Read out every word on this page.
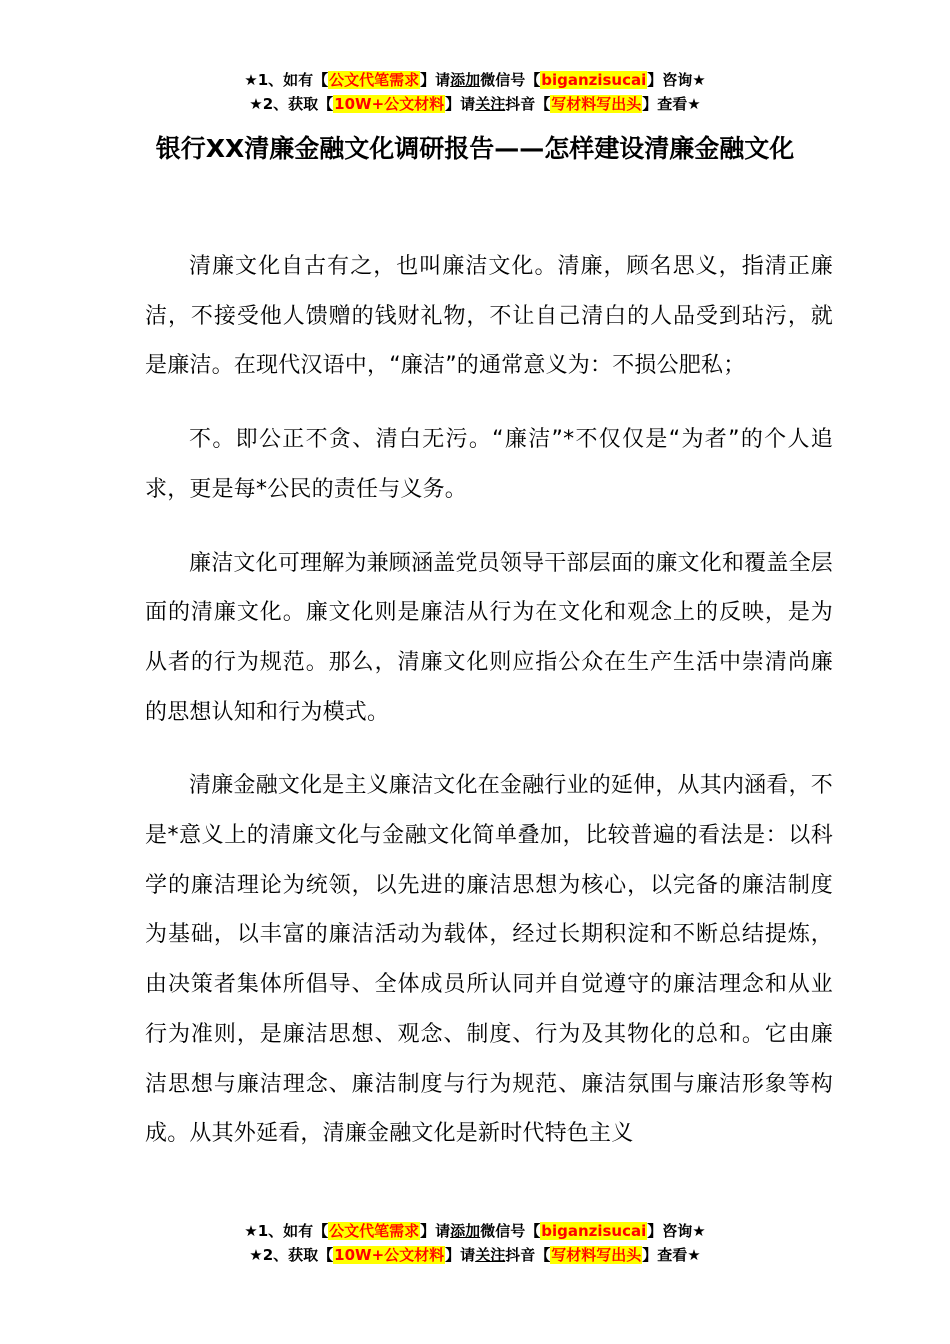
★1、如有【公文代笔需求】请添加微信号【biganzisucai】咨询★
★2、获取【10W+公文材料】请关注抖音【写材料写出头】查看★
银行XX清廉金融文化调研报告——怎样建设清廉金融文化

清廉文化自古有之，也叫廉洁文化。清廉，顾名思义，指清正廉洁，不接受他人馈赠的钱财礼物，不让自己清白的人品受到玷污，就是廉洁。在现代汉语中，“廉洁”的通常意义为：不损公肥私；

不。即公正不贪、清白无污。“廉洁”*不仅仅是“为者”的个人追求，更是每*公民的责任与义务。

廉洁文化可理解为兼顾涵盖党员领导干部层面的廉文化和覆盖全层面的清廉文化。廉文化则是廉洁从行为在文化和观念上的反映，是为从者的行为规范。那么，清廉文化则应指公众在生产生活中崇清尚廉的思想认知和行为模式。

清廉金融文化是主义廉洁文化在金融行业的延伸，从其内涵看，不是*意义上的清廉文化与金融文化简单叠加，比较普遍的看法是：以科学的廉洁理论为统领，以先进的廉洁思想为核心，以完备的廉洁制度为基础，以丰富的廉洁活动为载体，经过长期积淀和不断总结提炼，由决策者集体所倡导、全体成员所认同并自觉遵守的廉洁理念和从业行为准则，是廉洁思想、观念、制度、行为及其物化的总和。它由廉洁思想与廉洁理念、廉洁制度与行为规范、廉洁氛围与廉洁形象等构成。从其外延看，清廉金融文化是新时代特色主义

★1、如有【公文代笔需求】请添加微信号【biganzisucai】咨询★
★2、获取【10W+公文材料】请关注抖音【写材料写出头】查看★
